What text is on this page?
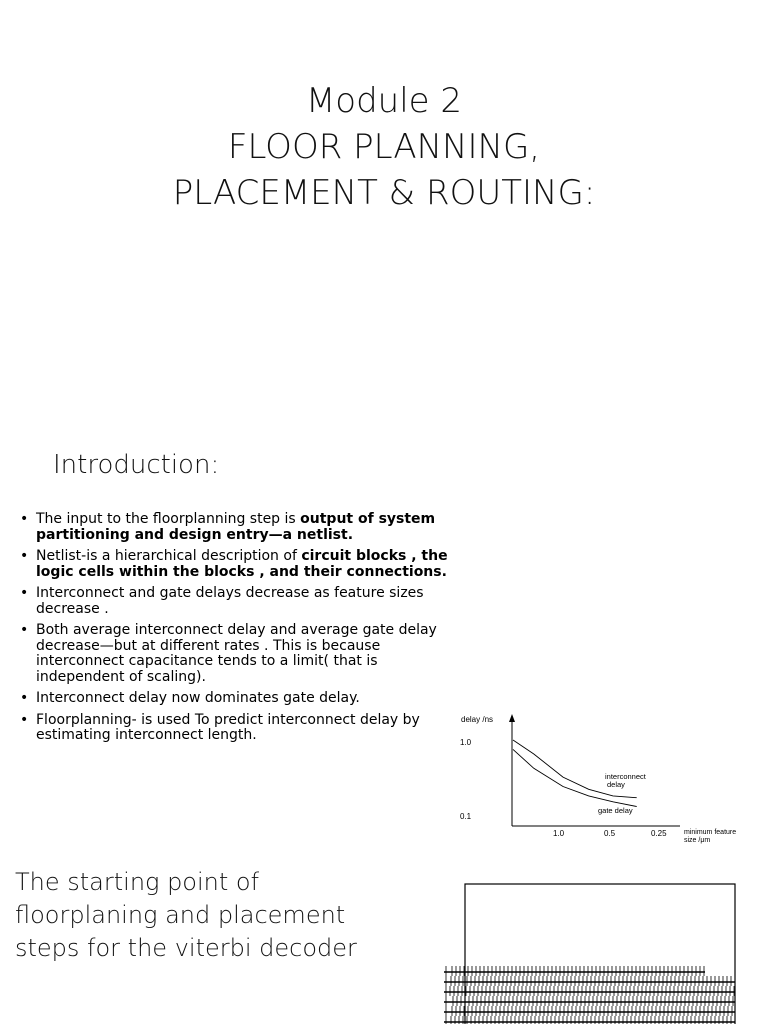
Module 2
FLOOR PLANNING,
PLACEMENT & ROUTING:
Introduction:
• The input to the floorplanning step is output of system partitioning and design entry—a netlist.
• Netlist-is a hierarchical description of circuit blocks , the logic cells within the blocks , and their connections.
• Interconnect and gate delays decrease as feature sizes decrease .
• Both average interconnect delay and average gate delay decrease—but at different rates . This is because interconnect capacitance tends to a limit( that is independent of scaling).
• Interconnect delay now dominates gate delay.
• Floorplanning- is used To predict interconnect delay by estimating interconnect length.
delay /ns
1.0
0.1
1.0	0.5	0.25 minimum feature size /μm
interconnect
delay
gate delay
The starting point of
floorplaning and placement
steps for the viterbi decoder
